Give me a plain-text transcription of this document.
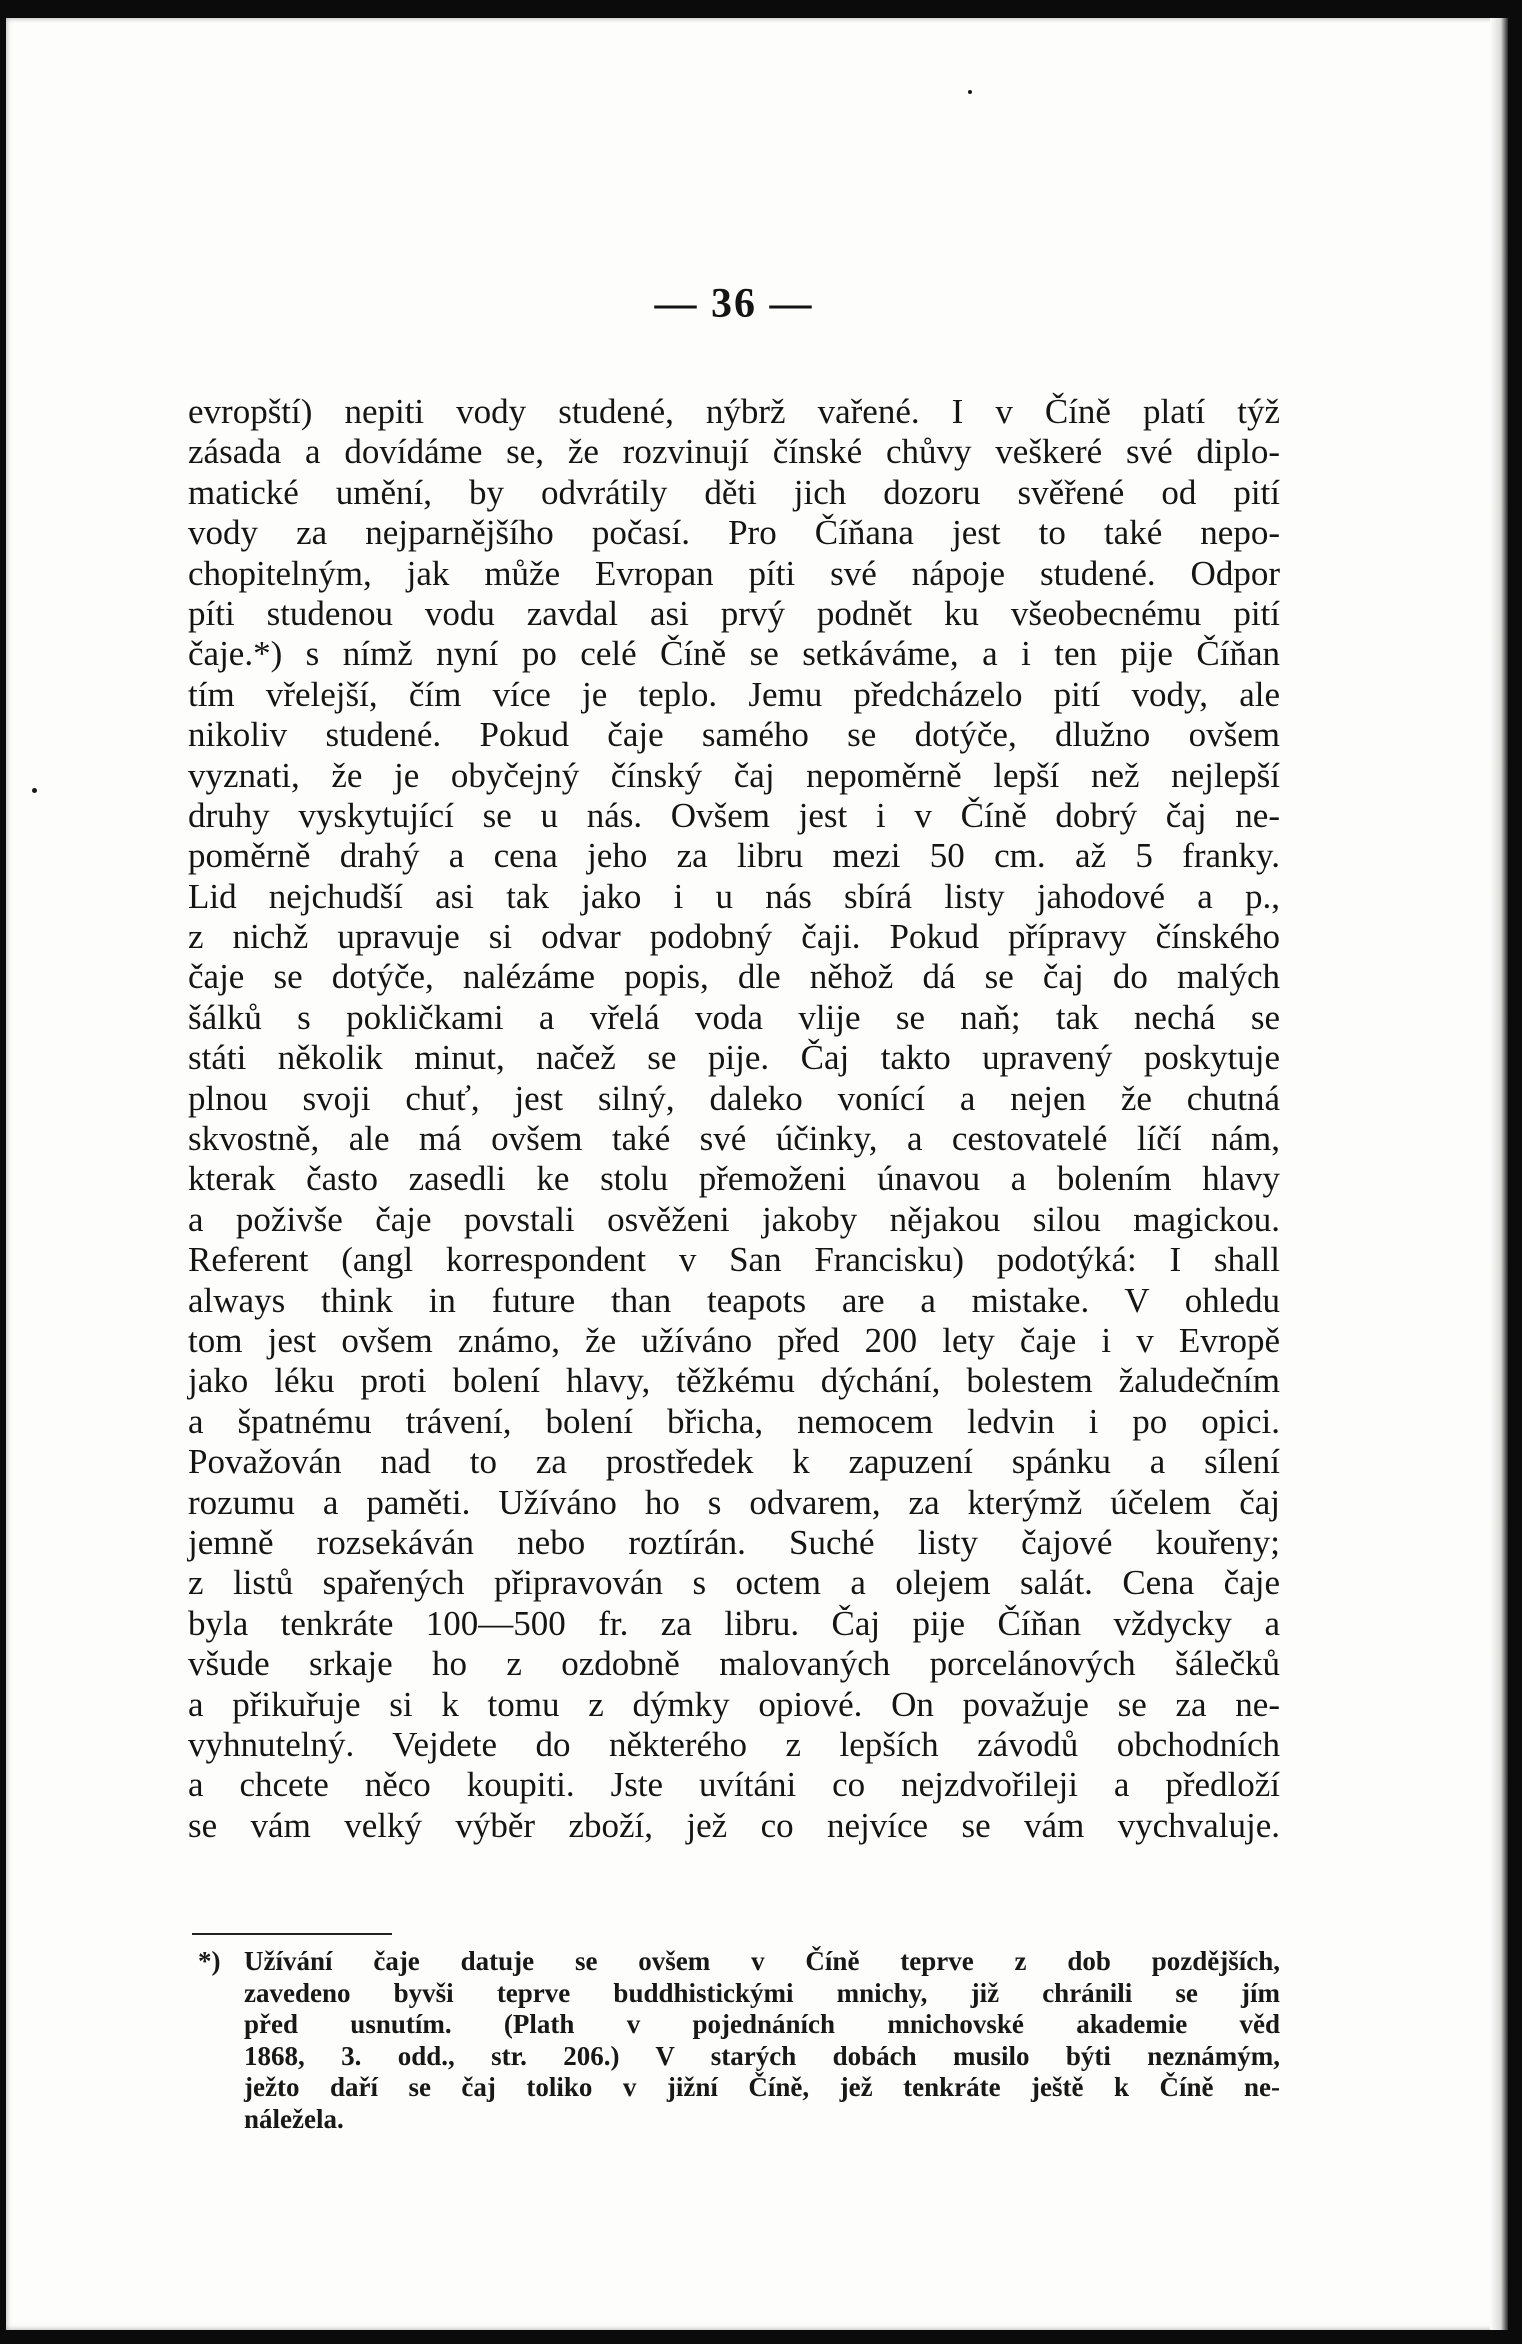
— 36 —
evropští) nepiti vody studené, nýbrž vařené. I v Číně platí týž
zásada a dovídáme se, že rozvinují čínské chůvy veškeré své diplo-
matické umění, by odvrátily děti jich dozoru svěřené od pití
vody za nejparnějšího počasí. Pro Číňana jest to také nepo-
chopitelným, jak může Evropan píti své nápoje studené. Odpor
píti studenou vodu zavdal asi prvý podnět ku všeobecnému pití
čaje.*) s nímž nyní po celé Číně se setkáváme, a i ten pije Číňan
tím vřelejší, čím více je teplo. Jemu předcházelo pití vody, ale
nikoliv studené. Pokud čaje samého se dotýče, dlužno ovšem
vyznati, že je obyčejný čínský čaj nepoměrně lepší než nejlepší
druhy vyskytující se u nás. Ovšem jest i v Číně dobrý čaj ne-
poměrně drahý a cena jeho za libru mezi 50 cm. až 5 franky.
Lid nejchudší asi tak jako i u nás sbírá listy jahodové a p.,
z nichž upravuje si odvar podobný čaji. Pokud přípravy čínského
čaje se dotýče, nalézáme popis, dle něhož dá se čaj do malých
šálků s pokličkami a vřelá voda vlije se naň; tak nechá se
státi několik minut, načež se pije. Čaj takto upravený poskytuje
plnou svoji chuť, jest silný, daleko vonící a nejen že chutná
skvostně, ale má ovšem také své účinky, a cestovatelé líčí nám,
kterak často zasedli ke stolu přemoženi únavou a bolením hlavy
a poživše čaje povstali osvěženi jakoby nějakou silou magickou.
Referent (angl korrespondent v San Francisku) podotýká: I shall
always think in future than teapots are a mistake. V ohledu
tom jest ovšem známo, že užíváno před 200 lety čaje i v Evropě
jako léku proti bolení hlavy, těžkému dýchání, bolestem žaludečním
a špatnému trávení, bolení břicha, nemocem ledvin i po opici.
Považován nad to za prostředek k zapuzení spánku a sílení
rozumu a paměti. Užíváno ho s odvarem, za kterýmž účelem čaj
jemně rozsekáván nebo roztírán. Suché listy čajové kouřeny;
z listů spařených připravován s octem a olejem salát. Cena čaje
byla tenkráte 100—500 fr. za libru. Čaj pije Číňan vždycky a
všude srkaje ho z ozdobně malovaných porcelánových šálečků
a přikuřuje si k tomu z dýmky opiové. On považuje se za ne-
vyhnutelný. Vejdete do některého z lepších závodů obchodních
a chcete něco koupiti. Jste uvítáni co nejzdvořileji a předloží
se vám velký výběr zboží, jež co nejvíce se vám vychvaluje.
*) Užívání čaje datuje se ovšem v Číně teprve z dob pozdějších,
zavedeno byvši teprve buddhistickými mnichy, již chránili se jím
před usnutím. (Plath v pojednáních mnichovské akademie věd
1868, 3. odd., str. 206.) V starých dobách musilo býti neznámým,
ježto daří se čaj toliko v jižní Číně, jež tenkráte ještě k Číně ne-
náležela.
